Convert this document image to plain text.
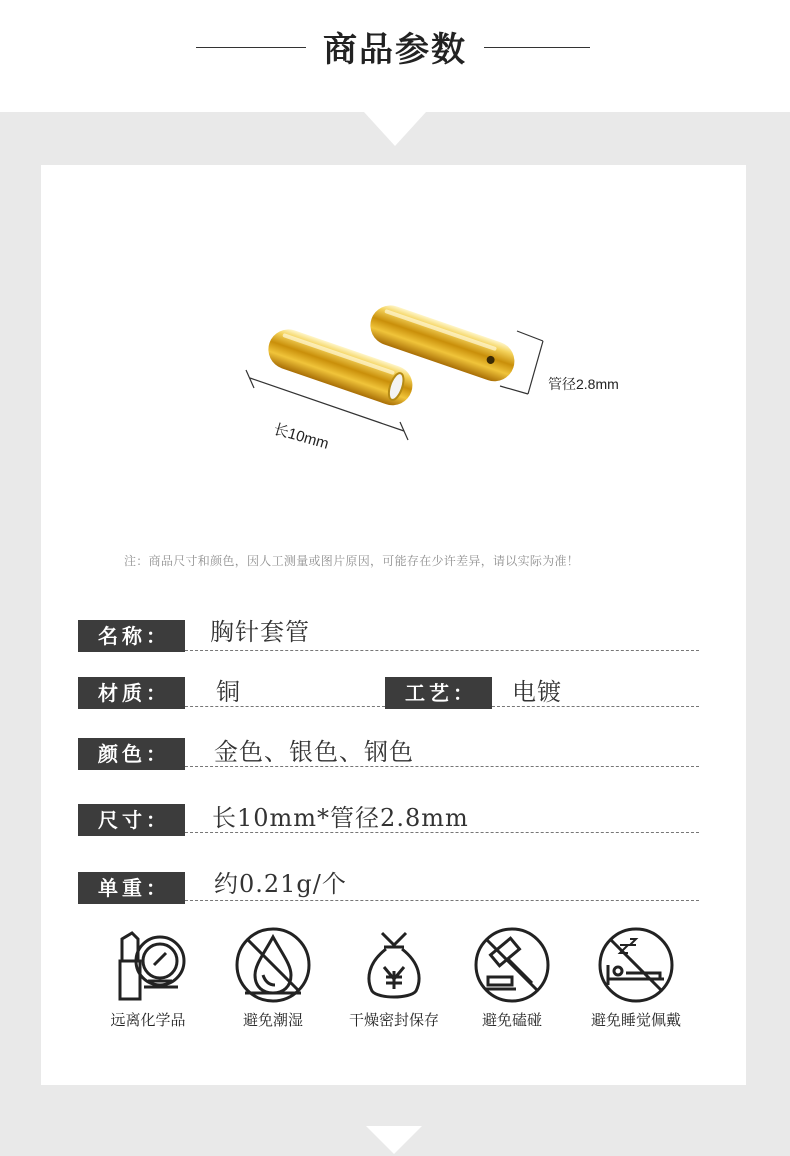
商品参数
长10mm
管径2.8mm
注：商品尺寸和颜色，因人工测量或图片原因，可能存在少许差异，请以实际为准！
名称：	胸针套管
材质：	铜	工艺：	电镀
颜色：	金色、银色、钢色
尺寸：	长10mm*管径2.8mm
单重：	约0.21g/个
远离化学品	避免潮湿	干燥密封保存	避免磕碰	避免睡觉佩戴
